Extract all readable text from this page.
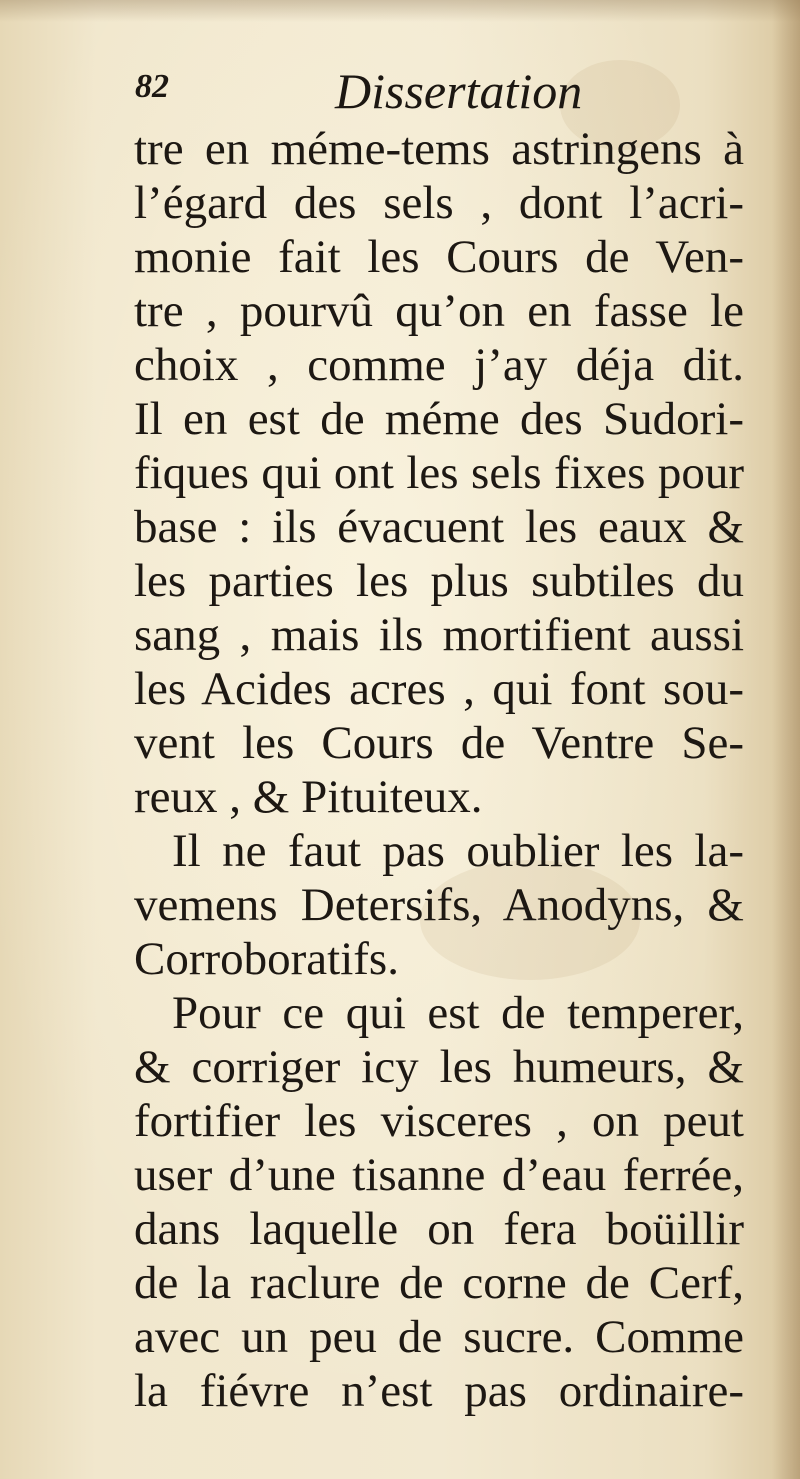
82	Dissertation
tre en méme-tems astringens à
l’égard des sels , dont l’acri-
monie fait les Cours de Ven-
tre , pourvû qu’on en fasse le
choix , comme j’ay déja dit.
Il en est de méme des Sudori-
fiques qui ont les sels fixes pour
base : ils évacuent les eaux &
les parties les plus subtiles du
sang , mais ils mortifient aussi
les Acides acres , qui font sou-
vent les Cours de Ventre Se-
reux , & Pituiteux.
Il ne faut pas oublier les la-
vemens Detersifs, Anodyns, &
Corroboratifs.
Pour ce qui est de temperer,
& corriger icy les humeurs, &
fortifier les visceres , on peut
user d’une tisanne d’eau ferrée,
dans laquelle on fera boüillir
de la raclure de corne de Cerf,
avec un peu de sucre. Comme
la fiévre n’est pas ordinaire-
